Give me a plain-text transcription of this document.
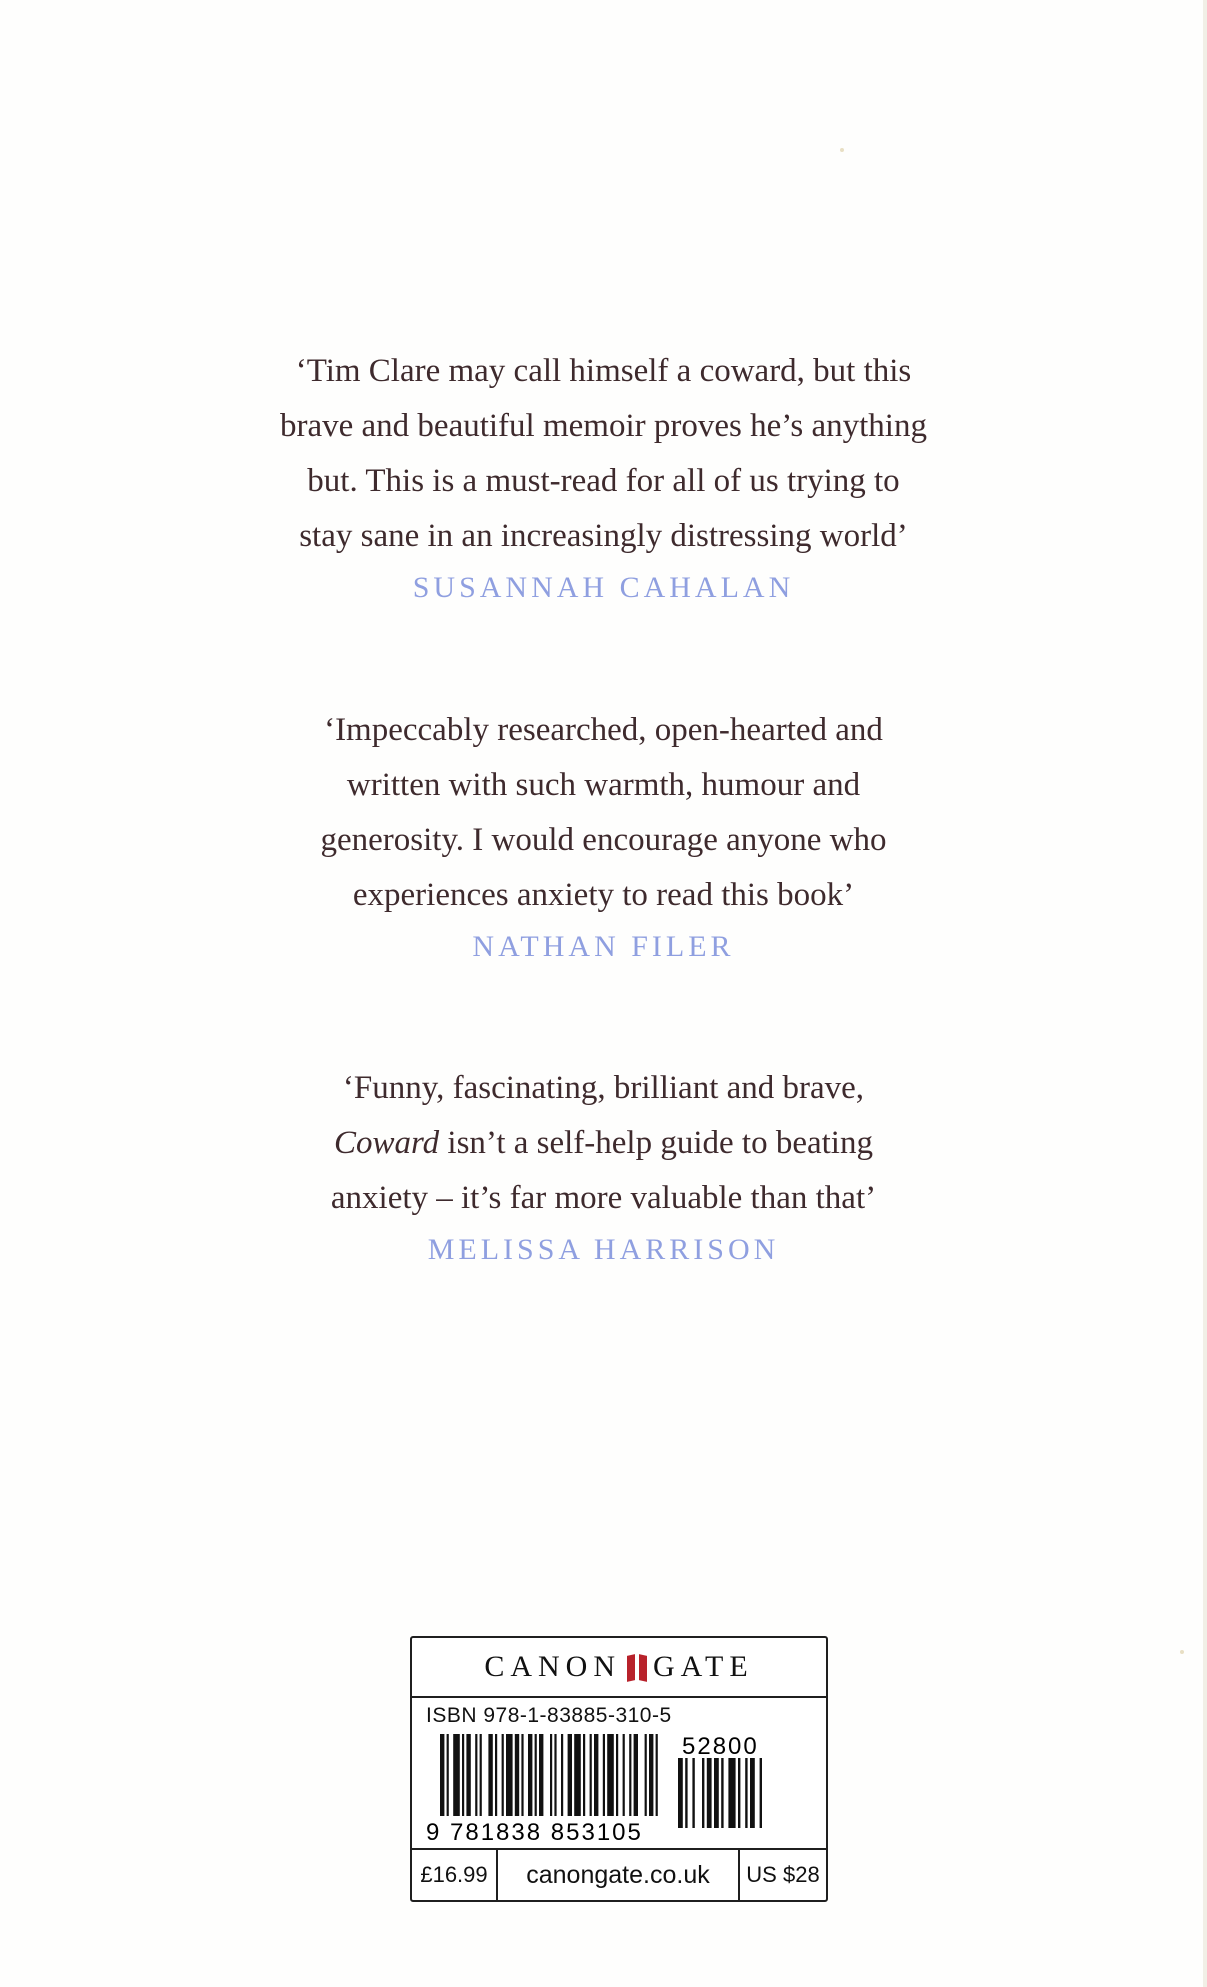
‘Tim Clare may call himself a coward, but this
brave and beautiful memoir proves he’s anything
but. This is a must-read for all of us trying to
stay sane in an increasingly distressing world’
SUSANNAH CAHALAN
‘Impeccably researched, open-hearted and
written with such warmth, humour and
generosity. I would encourage anyone who
experiences anxiety to read this book’
NATHAN FILER
‘Funny, fascinating, brilliant and brave,
Coward isn’t a self-help guide to beating
anxiety – it’s far more valuable than that’
MELISSA HARRISON
CANON GATE
ISBN 978-1-83885-310-5
52800
9 781838 853105
£16.99	canongate.co.uk	US $28
